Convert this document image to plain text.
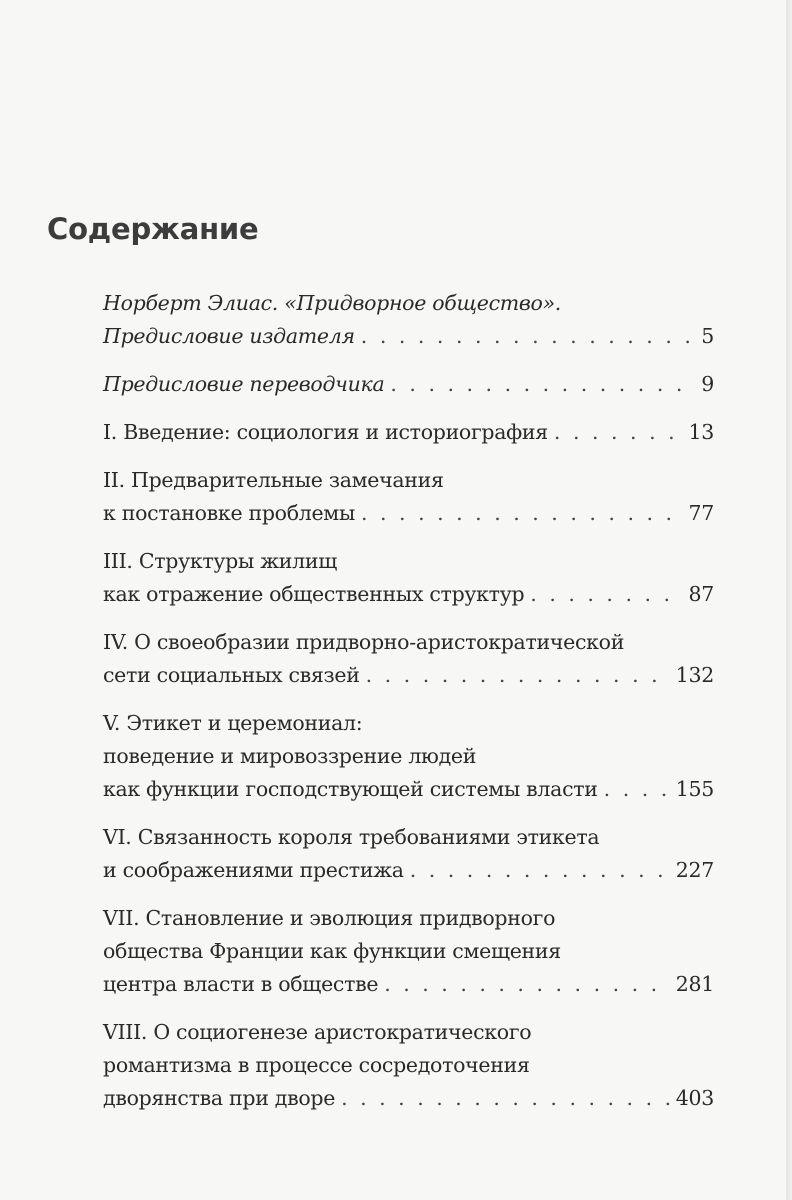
Содержание
Норберт Элиас. «Придворное общество».
Предисловие издателя . . .	5
Предисловие переводчика . . .	9
I. Введение: социология и историография . . .	13
II. Предварительные замечания
к постановке проблемы . . .	77
III. Структуры жилищ
как отражение общественных структур . . .	87
IV. О своеобразии придворно-аристократической
сети социальных связей . . .	132
V. Этикет и церемониал:
поведение и мировоззрение людей
как функции господствующей системы власти . . .	155
VI. Связанность короля требованиями этикета
и соображениями престижа . . .	227
VII. Становление и эволюция придворного
общества Франции как функции смещения
центра власти в обществе . . .	281
VIII. О социогенезе аристократического
романтизма в процессе сосредоточения
дворянства при дворе . . .	403
